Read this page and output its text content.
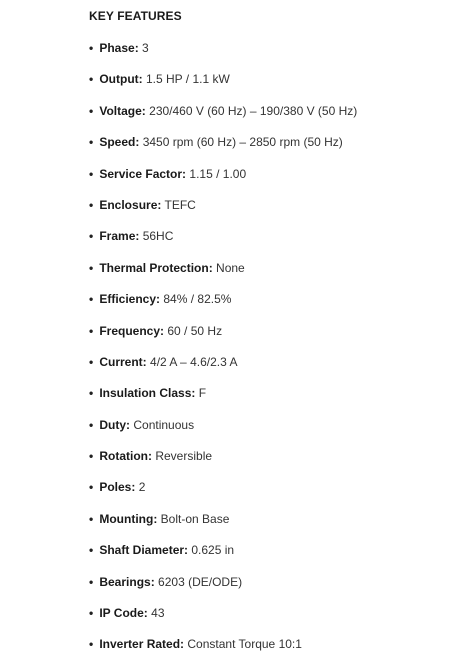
KEY FEATURES
• Phase: 3
• Output: 1.5 HP / 1.1 kW
• Voltage: 230/460 V (60 Hz) – 190/380 V (50 Hz)
• Speed: 3450 rpm (60 Hz) – 2850 rpm (50 Hz)
• Service Factor: 1.15 / 1.00
• Enclosure: TEFC
• Frame: 56HC
• Thermal Protection: None
• Efficiency: 84% / 82.5%
• Frequency: 60 / 50 Hz
• Current: 4/2 A – 4.6/2.3 A
• Insulation Class: F
• Duty: Continuous
• Rotation: Reversible
• Poles: 2
• Mounting: Bolt-on Base
• Shaft Diameter: 0.625 in
• Bearings: 6203 (DE/ODE)
• IP Code: 43
• Inverter Rated: Constant Torque 10:1
